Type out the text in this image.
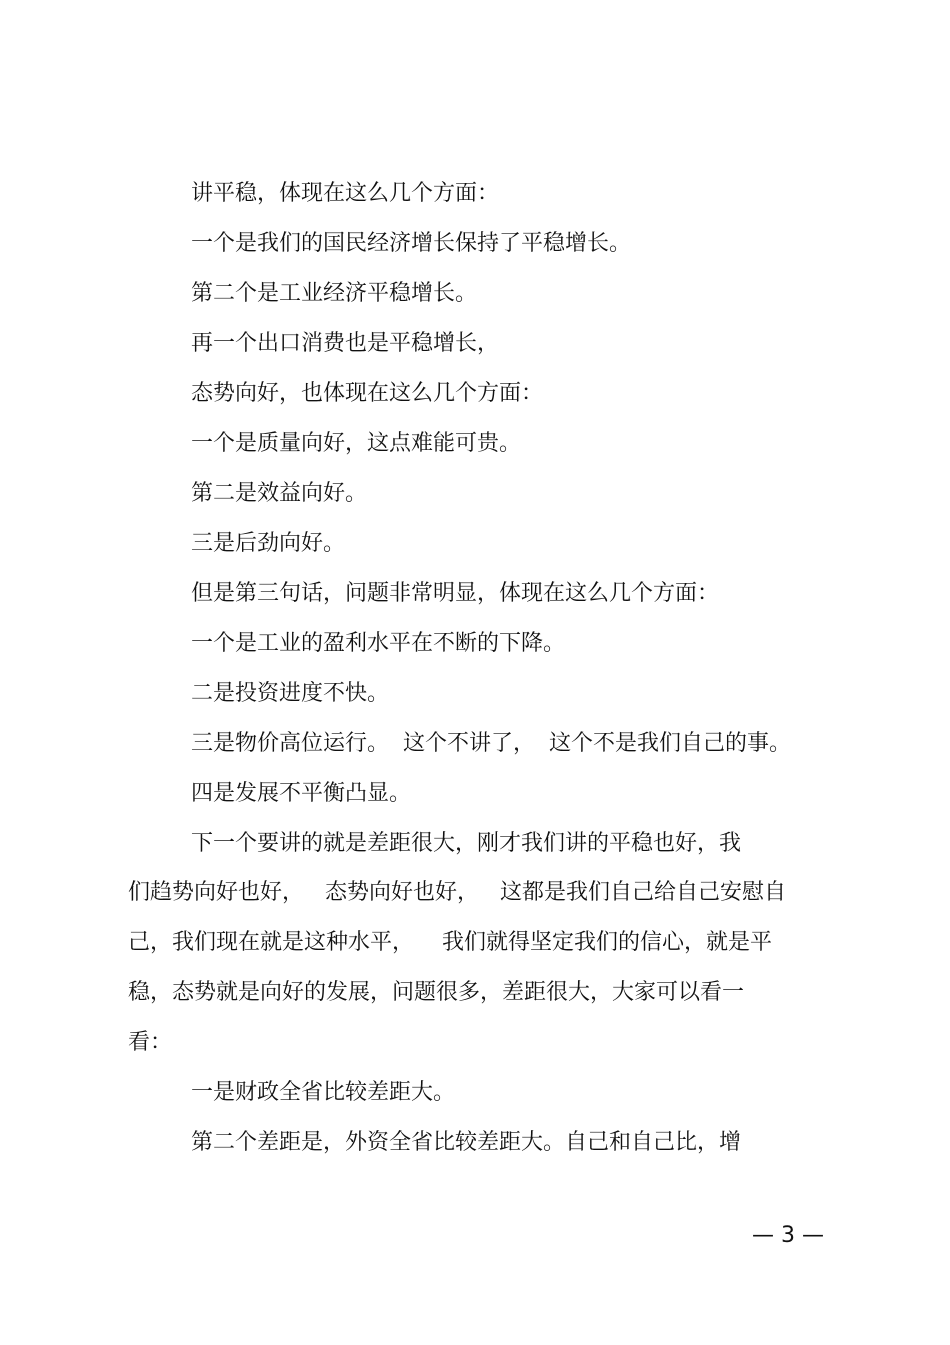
讲平稳，体现在这么几个方面：
一个是我们的国民经济增长保持了平稳增长。
第二个是工业经济平稳增长。
再一个出口消费也是平稳增长，
态势向好，也体现在这么几个方面：
一个是质量向好，这点难能可贵。
第二是效益向好。
三是后劲向好。
但是第三句话，问题非常明显，体现在这么几个方面：
一个是工业的盈利水平在不断的下降。
二是投资进度不快。
三是物价高位运行。  这个不讲了，  这个不是我们自己的事。
四是发展不平衡凸显。
下一个要讲的就是差距很大，刚才我们讲的平稳也好，我
们趋势向好也好，   态势向好也好，   这都是我们自己给自己安慰自
己，我们现在就是这种水平，    我们就得坚定我们的信心，就是平
稳，态势就是向好的发展，问题很多，差距很大，大家可以看一
看：
一是财政全省比较差距大。
第二个差距是，外资全省比较差距大。自己和自己比，增
— 3 —
